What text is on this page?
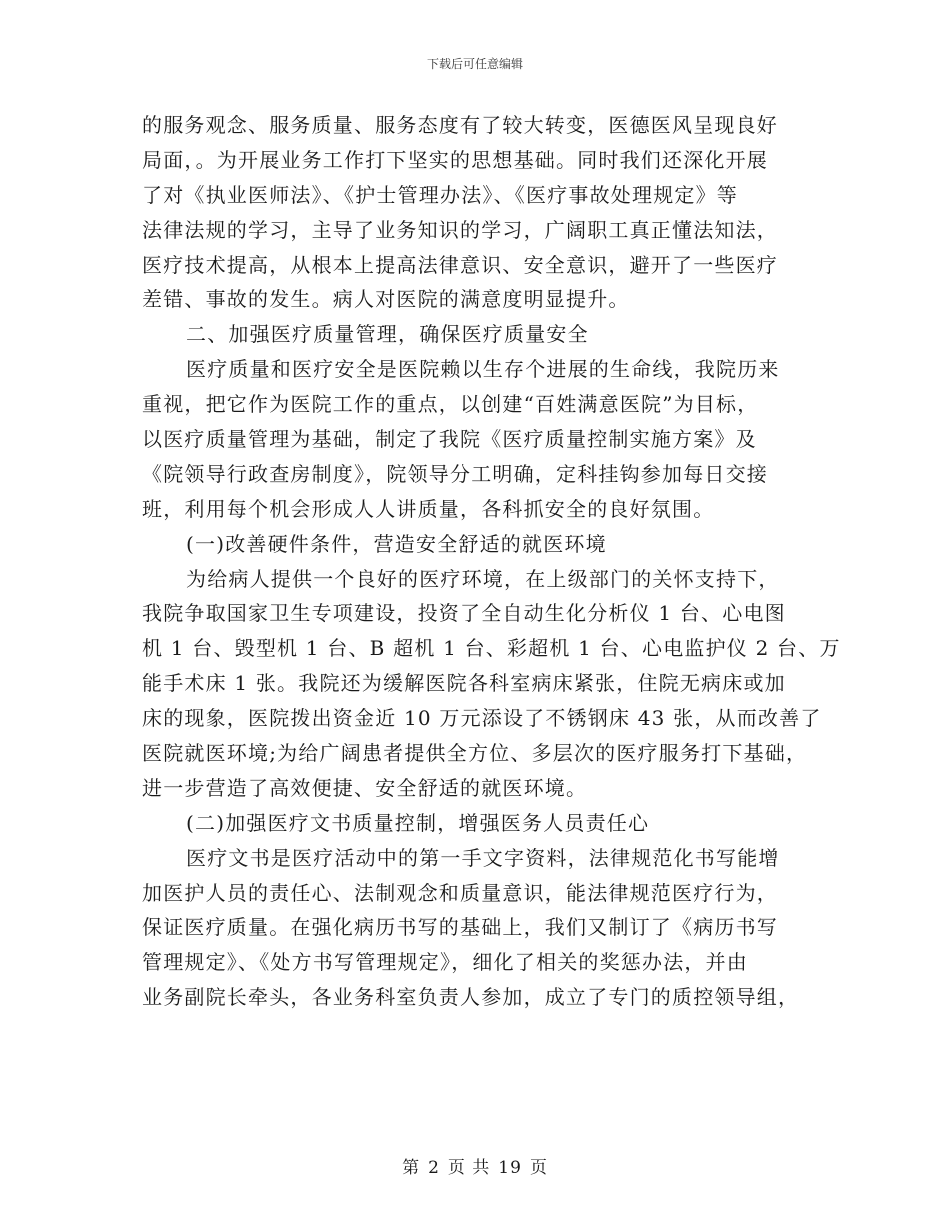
下载后可任意编辑
的服务观念、服务质量、服务态度有了较大转变，医德医风呈现良好
局面，。为开展业务工作打下坚实的思想基础。同时我们还深化开展
了对《执业医师法》、《护士管理办法》、《医疗事故处理规定》等
法律法规的学习，主导了业务知识的学习，广阔职工真正懂法知法，
医疗技术提高，从根本上提高法律意识、安全意识，避开了一些医疗
差错、事故的发生。病人对医院的满意度明显提升。
二、加强医疗质量管理，确保医疗质量安全
医疗质量和医疗安全是医院赖以生存个进展的生命线，我院历来
重视，把它作为医院工作的重点，以创建“百姓满意医院”为目标，
以医疗质量管理为基础，制定了我院《医疗质量控制实施方案》及
《院领导行政查房制度》，院领导分工明确，定科挂钩参加每日交接
班，利用每个机会形成人人讲质量，各科抓安全的良好氛围。
(一)改善硬件条件，营造安全舒适的就医环境
为给病人提供一个良好的医疗环境，在上级部门的关怀支持下，
我院争取国家卫生专项建设，投资了全自动生化分析仪 1 台、心电图
机 1 台、毁型机 1 台、B 超机 1 台、彩超机 1 台、心电监护仪 2 台、万
能手术床 1 张。我院还为缓解医院各科室病床紧张，住院无病床或加
床的现象，医院拨出资金近 10 万元添设了不锈钢床 43 张，从而改善了
医院就医环境;为给广阔患者提供全方位、多层次的医疗服务打下基础，
进一步营造了高效便捷、安全舒适的就医环境。
(二)加强医疗文书质量控制，增强医务人员责任心
医疗文书是医疗活动中的第一手文字资料，法律规范化书写能增
加医护人员的责任心、法制观念和质量意识，能法律规范医疗行为，
保证医疗质量。在强化病历书写的基础上，我们又制订了《病历书写
管理规定》、《处方书写管理规定》，细化了相关的奖惩办法，并由
业务副院长牵头，各业务科室负责人参加，成立了专门的质控领导组，
第 2 页 共 19 页
